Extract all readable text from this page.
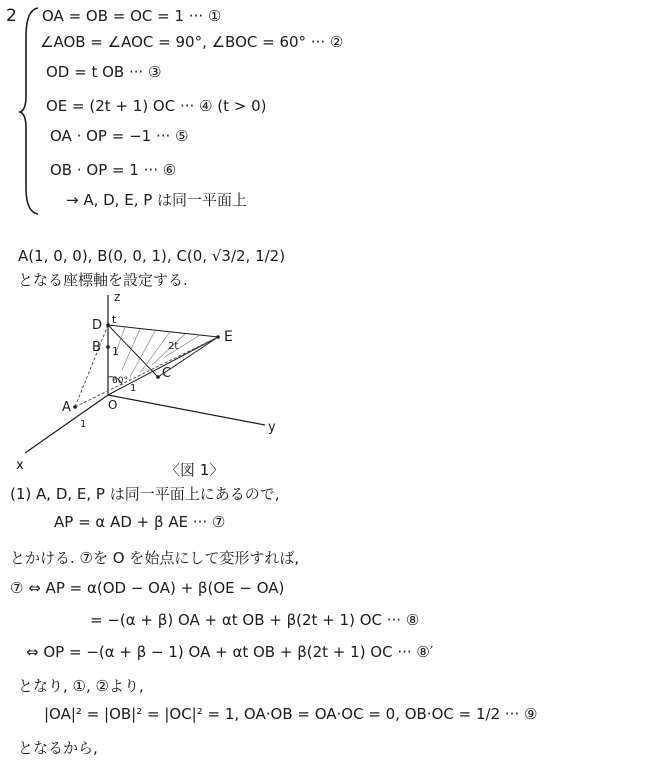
2 OA = OB = OC = 1 ··· ①
∠AOB = ∠AOC = 90°, ∠BOC = 60° ··· ②
OD = t OB ··· ③
OE = (2t + 1) OC ··· ④ (t > 0)
OA · OP = −1 ··· ⑤
OB · OP = 1 ··· ⑥
→ A, D, E, P は同一平面上
A(1, 0, 0), B(0, 0, 1), C(0, √3/2, 1/2)
となる座標軸を設定する.
D
B
t
1
z
E
C
O
A
1	y
x
60°
2t
1
〈図 1〉
(1) A, D, E, P は同一平面上にあるので,
AP = α AD + β AE ··· ⑦
とかける. ⑦を O を始点にして変形すれば,
⑦ ⇔ AP = α(OD − OA) + β(OE − OA)
= −(α + β) OA + αt OB + β(2t + 1) OC ··· ⑧
⇔ OP = −(α + β − 1) OA + αt OB + β(2t + 1) OC ··· ⑧′
となり, ①, ②より,
|OA|² = |OB|² = |OC|² = 1, OA·OB = OA·OC = 0, OB·OC = 1/2 ··· ⑨
となるから,
